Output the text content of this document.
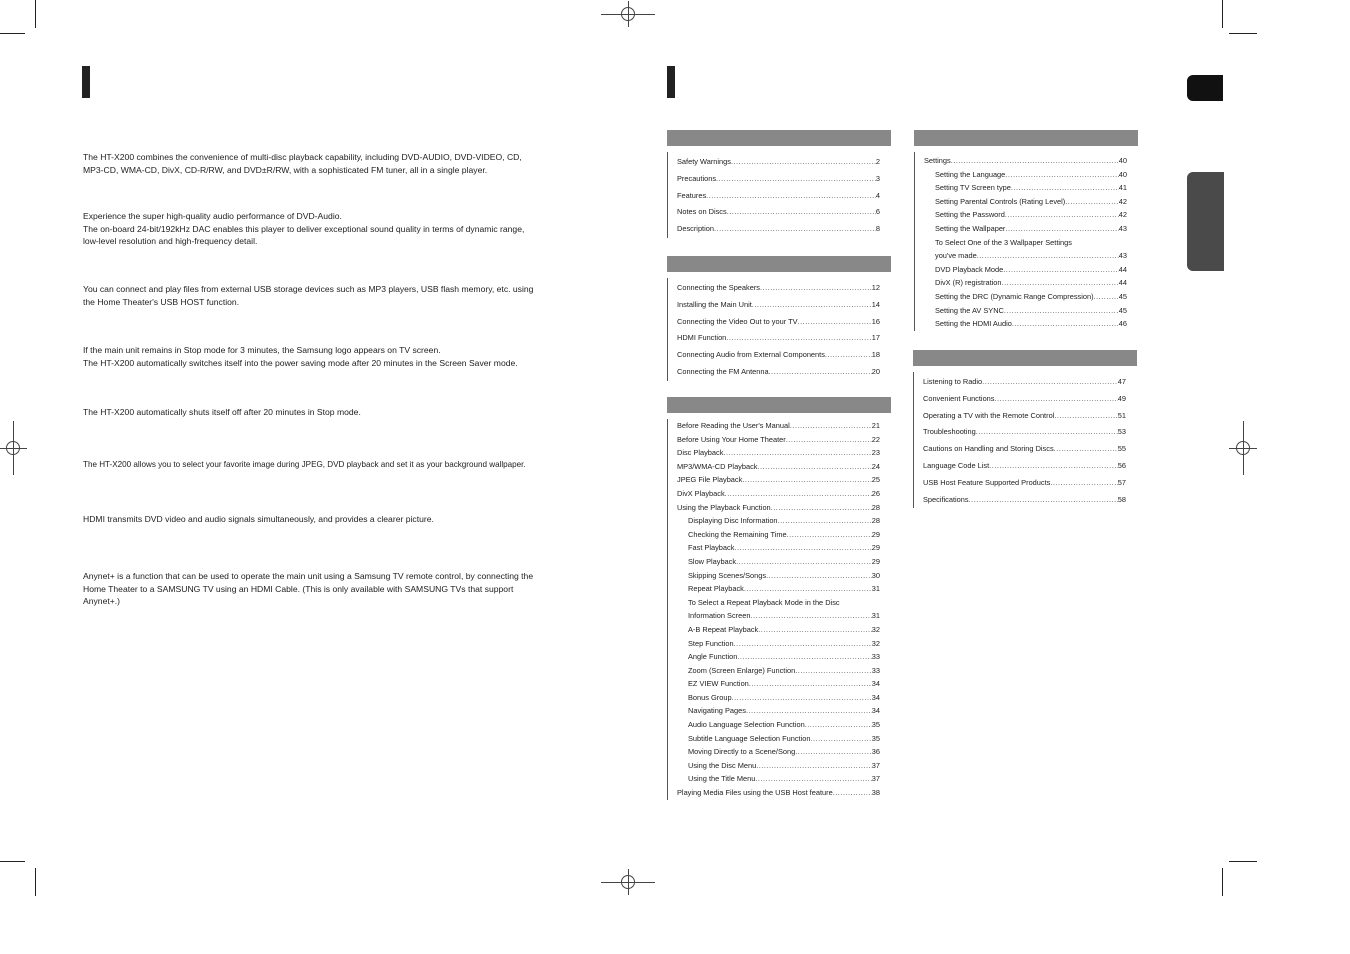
The HT-X200 combines the convenience of multi-disc playback capability, including DVD-AUDIO, DVD-VIDEO, CD,

MP3-CD, WMA-CD, DivX, CD-R/RW, and DVD±R/RW, with a sophisticated FM tuner, all in a single player.

Experience the super high-quality audio performance of DVD-Audio.

The on-board 24-bit/192kHz DAC enables this player to deliver exceptional sound quality in terms of dynamic range,

low-level resolution and high-frequency detail.

You can connect and play files from external USB storage devices such as MP3 players, USB flash memory, etc. using

the Home Theater's USB HOST function.

If the main unit remains in Stop mode for 3 minutes, the Samsung logo appears on TV screen.

The HT-X200 automatically switches itself into the power saving mode after 20 minutes in the Screen Saver mode.

The HT-X200 automatically shuts itself off after 20 minutes in Stop mode.

The HT-X200 allows you to select your favorite image during JPEG, DVD playback and set it as your background wallpaper.

HDMI transmits DVD video and audio signals simultaneously, and provides a clearer picture.

Anynet+ is a function that can be used to operate the main unit using a Samsung TV remote control, by connecting the

Home Theater to a SAMSUNG TV using an HDMI Cable. (This is only available with SAMSUNG TVs that support

Anynet+.)

Safety Warnings .....	2
Precautions .....	3
Features .....	4
Notes on Discs .....	6
Description .....	8
Connecting the Speakers .....	12
Installing the Main Unit .....	14
Connecting the Video Out to your TV .....	16
HDMI Function .....	17
Connecting Audio from External Components .....	18
Connecting the FM Antenna .....	20
Before Reading the User's Manual .....	21
Before Using Your Home Theater .....	22
Disc Playback .....	23
MP3/WMA-CD Playback .....	24
JPEG File Playback .....	25
DivX Playback .....	26
Using the Playback Function .....	28
Displaying Disc Information .....	28
Checking the Remaining Time .....	29
Fast Playback .....	29
Slow Playback .....	29
Skipping Scenes/Songs .....	30
Repeat Playback .....	31
To Select a Repeat Playback Mode in the Disc
Information Screen .....	31
A-B Repeat Playback .....	32
Step Function .....	32
Angle Function .....	33
Zoom (Screen Enlarge) Function .....	33
EZ VIEW Function .....	34
Bonus Group .....	34
Navigating Pages .....	34
Audio Language Selection Function .....	35
Subtitle Language Selection Function .....	35
Moving Directly to a Scene/Song .....	36
Using the Disc Menu .....	37
Using the Title Menu .....	37
Playing Media Files using the USB Host feature .....	38
Settings .....	40
Setting the Language .....	40
Setting TV Screen type .....	41
Setting Parental Controls (Rating Level) .....	42
Setting the Password .....	42
Setting the Wallpaper .....	43
To Select One of the 3 Wallpaper Settings
you've made .....	43
DVD Playback Mode .....	44
DivX (R) registration .....	44
Setting the DRC (Dynamic Range Compression) .....	45
Setting the AV SYNC .....	45
Setting the HDMI Audio .....	46
Listening to Radio .....	47
Convenient Functions .....	49
Operating a TV with the Remote Control .....	51
Troubleshooting .....	53
Cautions on Handling and Storing Discs .....	55
Language Code List .....	56
USB Host Feature Supported Products .....	57
Specifications .....	58
